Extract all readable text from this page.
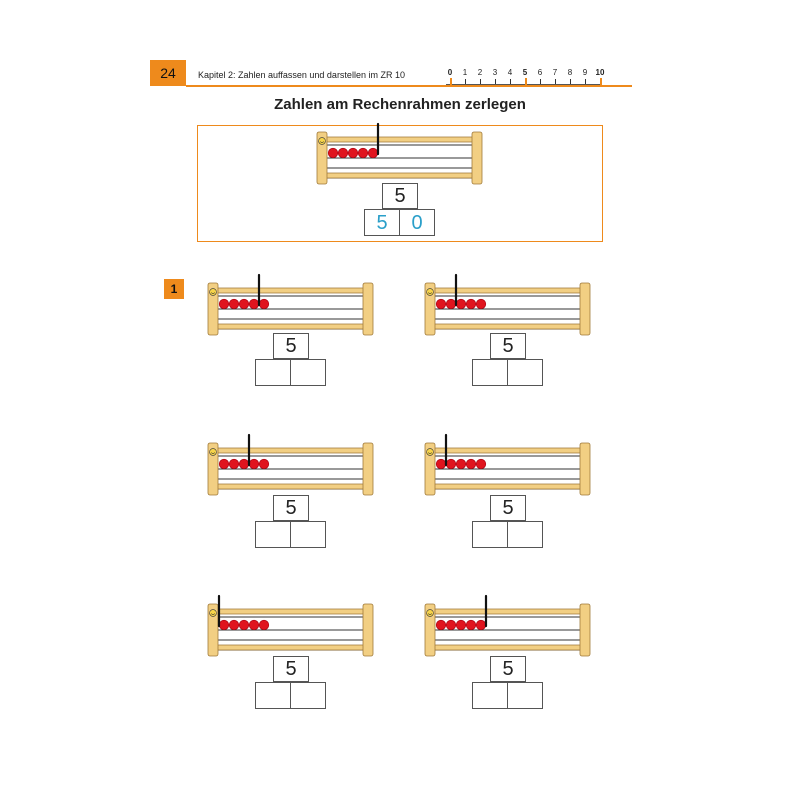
24	Kapitel 2: Zahlen auffassen und darstellen im ZR 10	0	1	2	3	4	5	6	7	8	9	10
Zahlen am Rechenrahmen zerlegen
5
5	0
1
5	5
5	5
5	5
